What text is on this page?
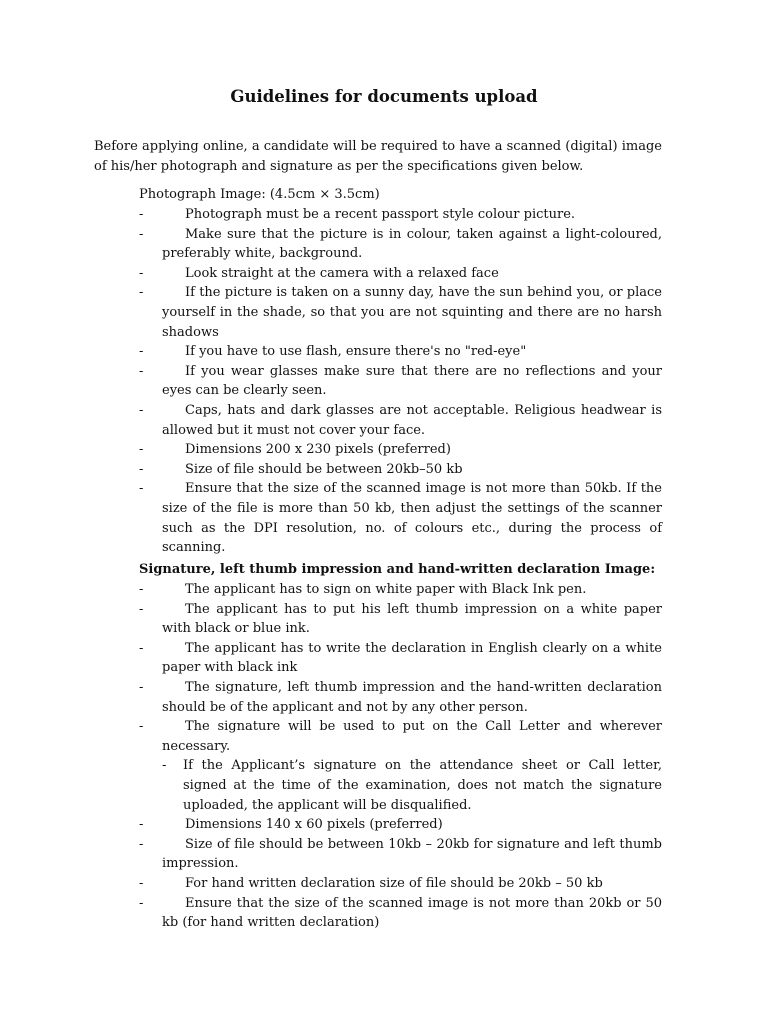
Guidelines for documents upload
Before applying online, a candidate will be required to have a scanned (digital) image of his/her photograph and signature as per the specifications given below.
Photograph Image: (4.5cm × 3.5cm)
-	Photograph must be a recent passport style colour picture.
-	Make sure that the picture is in colour, taken against a light-coloured, preferably white, background.
-	Look straight at the camera with a relaxed face
-	If the picture is taken on a sunny day, have the sun behind you, or place yourself in the shade, so that you are not squinting and there are no harsh shadows
-	If you have to use flash, ensure there's no "red-eye"
-	If you wear glasses make sure that there are no reflections and your eyes can be clearly seen.
-	Caps, hats and dark glasses are not acceptable. Religious headwear is allowed but it must not cover your face.
-	Dimensions 200 x 230 pixels (preferred)
-	Size of file should be between 20kb–50 kb
-	Ensure that the size of the scanned image is not more than 50kb. If the size of the file is more than 50 kb, then adjust the settings of the scanner such as the DPI resolution, no. of colours etc., during the process of scanning.
Signature, left thumb impression and hand-written declaration Image:
-	The applicant has to sign on white paper with Black Ink pen.
-	The applicant has to put his left thumb impression on a white paper with black or blue ink.
-	The applicant has to write the declaration in English clearly on a white paper with black ink
-	The signature, left thumb impression and the hand-written declaration should be of the applicant and not by any other person.
-	The signature will be used to put on the Call Letter and wherever necessary.
- If the Applicant’s signature on the attendance sheet or Call letter, signed at the time of the examination, does not match the signature uploaded, the applicant will be disqualified.
-	Dimensions 140 x 60 pixels (preferred)
-	Size of file should be between 10kb – 20kb for signature and left thumb impression.
-	For hand written declaration size of file should be 20kb – 50 kb
-	Ensure that the size of the scanned image is not more than 20kb or 50 kb (for hand written declaration)
